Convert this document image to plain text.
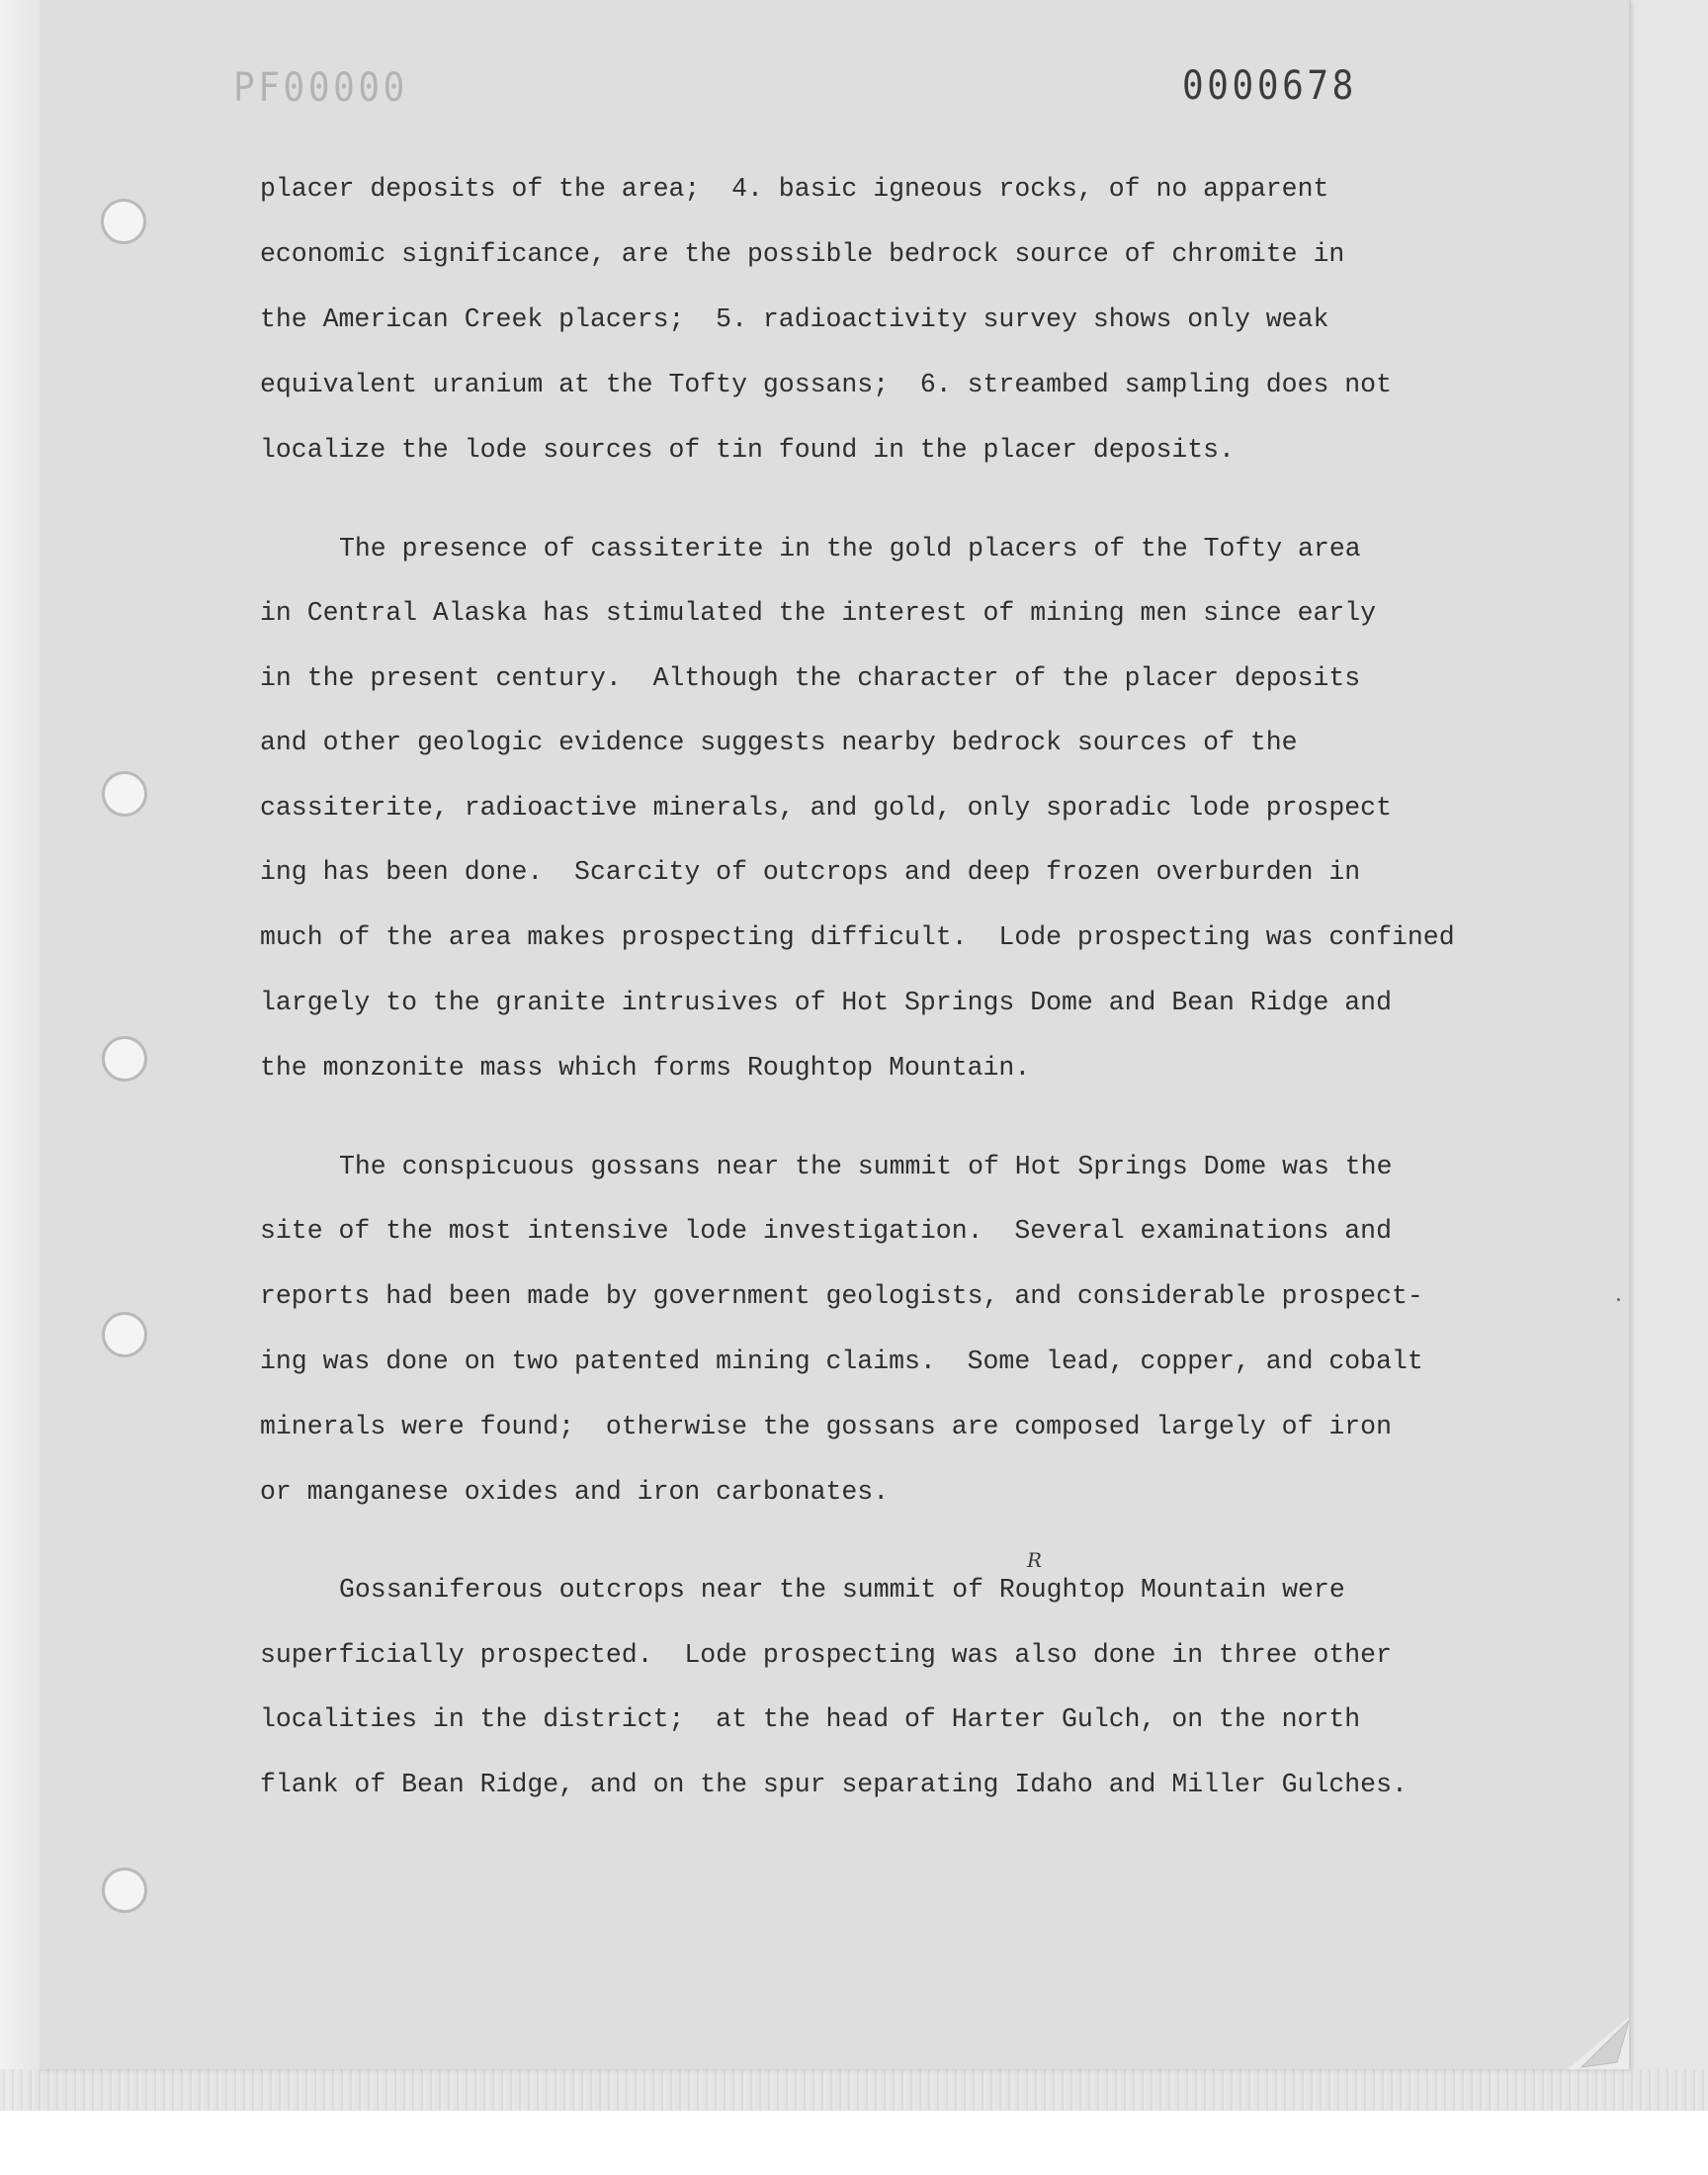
PF00000	0000678
placer deposits of the area;  4. basic igneous rocks, of no apparent
economic significance, are the possible bedrock source of chromite in
the American Creek placers;  5. radioactivity survey shows only weak
equivalent uranium at the Tofty gossans;  6. streambed sampling does not
localize the lode sources of tin found in the placer deposits.
The presence of cassiterite in the gold placers of the Tofty area
in Central Alaska has stimulated the interest of mining men since early
in the present century.  Although the character of the placer deposits
and other geologic evidence suggests nearby bedrock sources of the
cassiterite, radioactive minerals, and gold, only sporadic lode prospect
ing has been done.  Scarcity of outcrops and deep frozen overburden in
much of the area makes prospecting difficult.  Lode prospecting was confined
largely to the granite intrusives of Hot Springs Dome and Bean Ridge and
the monzonite mass which forms Roughtop Mountain.
The conspicuous gossans near the summit of Hot Springs Dome was the
site of the most intensive lode investigation.  Several examinations and
reports had been made by government geologists, and considerable prospect-
ing was done on two patented mining claims.  Some lead, copper, and cobalt
minerals were found;  otherwise the gossans are composed largely of iron
or manganese oxides and iron carbonates.
R
Gossaniferous outcrops near the summit of Roughtop Mountain were
superficially prospected.  Lode prospecting was also done in three other
localities in the district;  at the head of Harter Gulch, on the north
flank of Bean Ridge, and on the spur separating Idaho and Miller Gulches.
